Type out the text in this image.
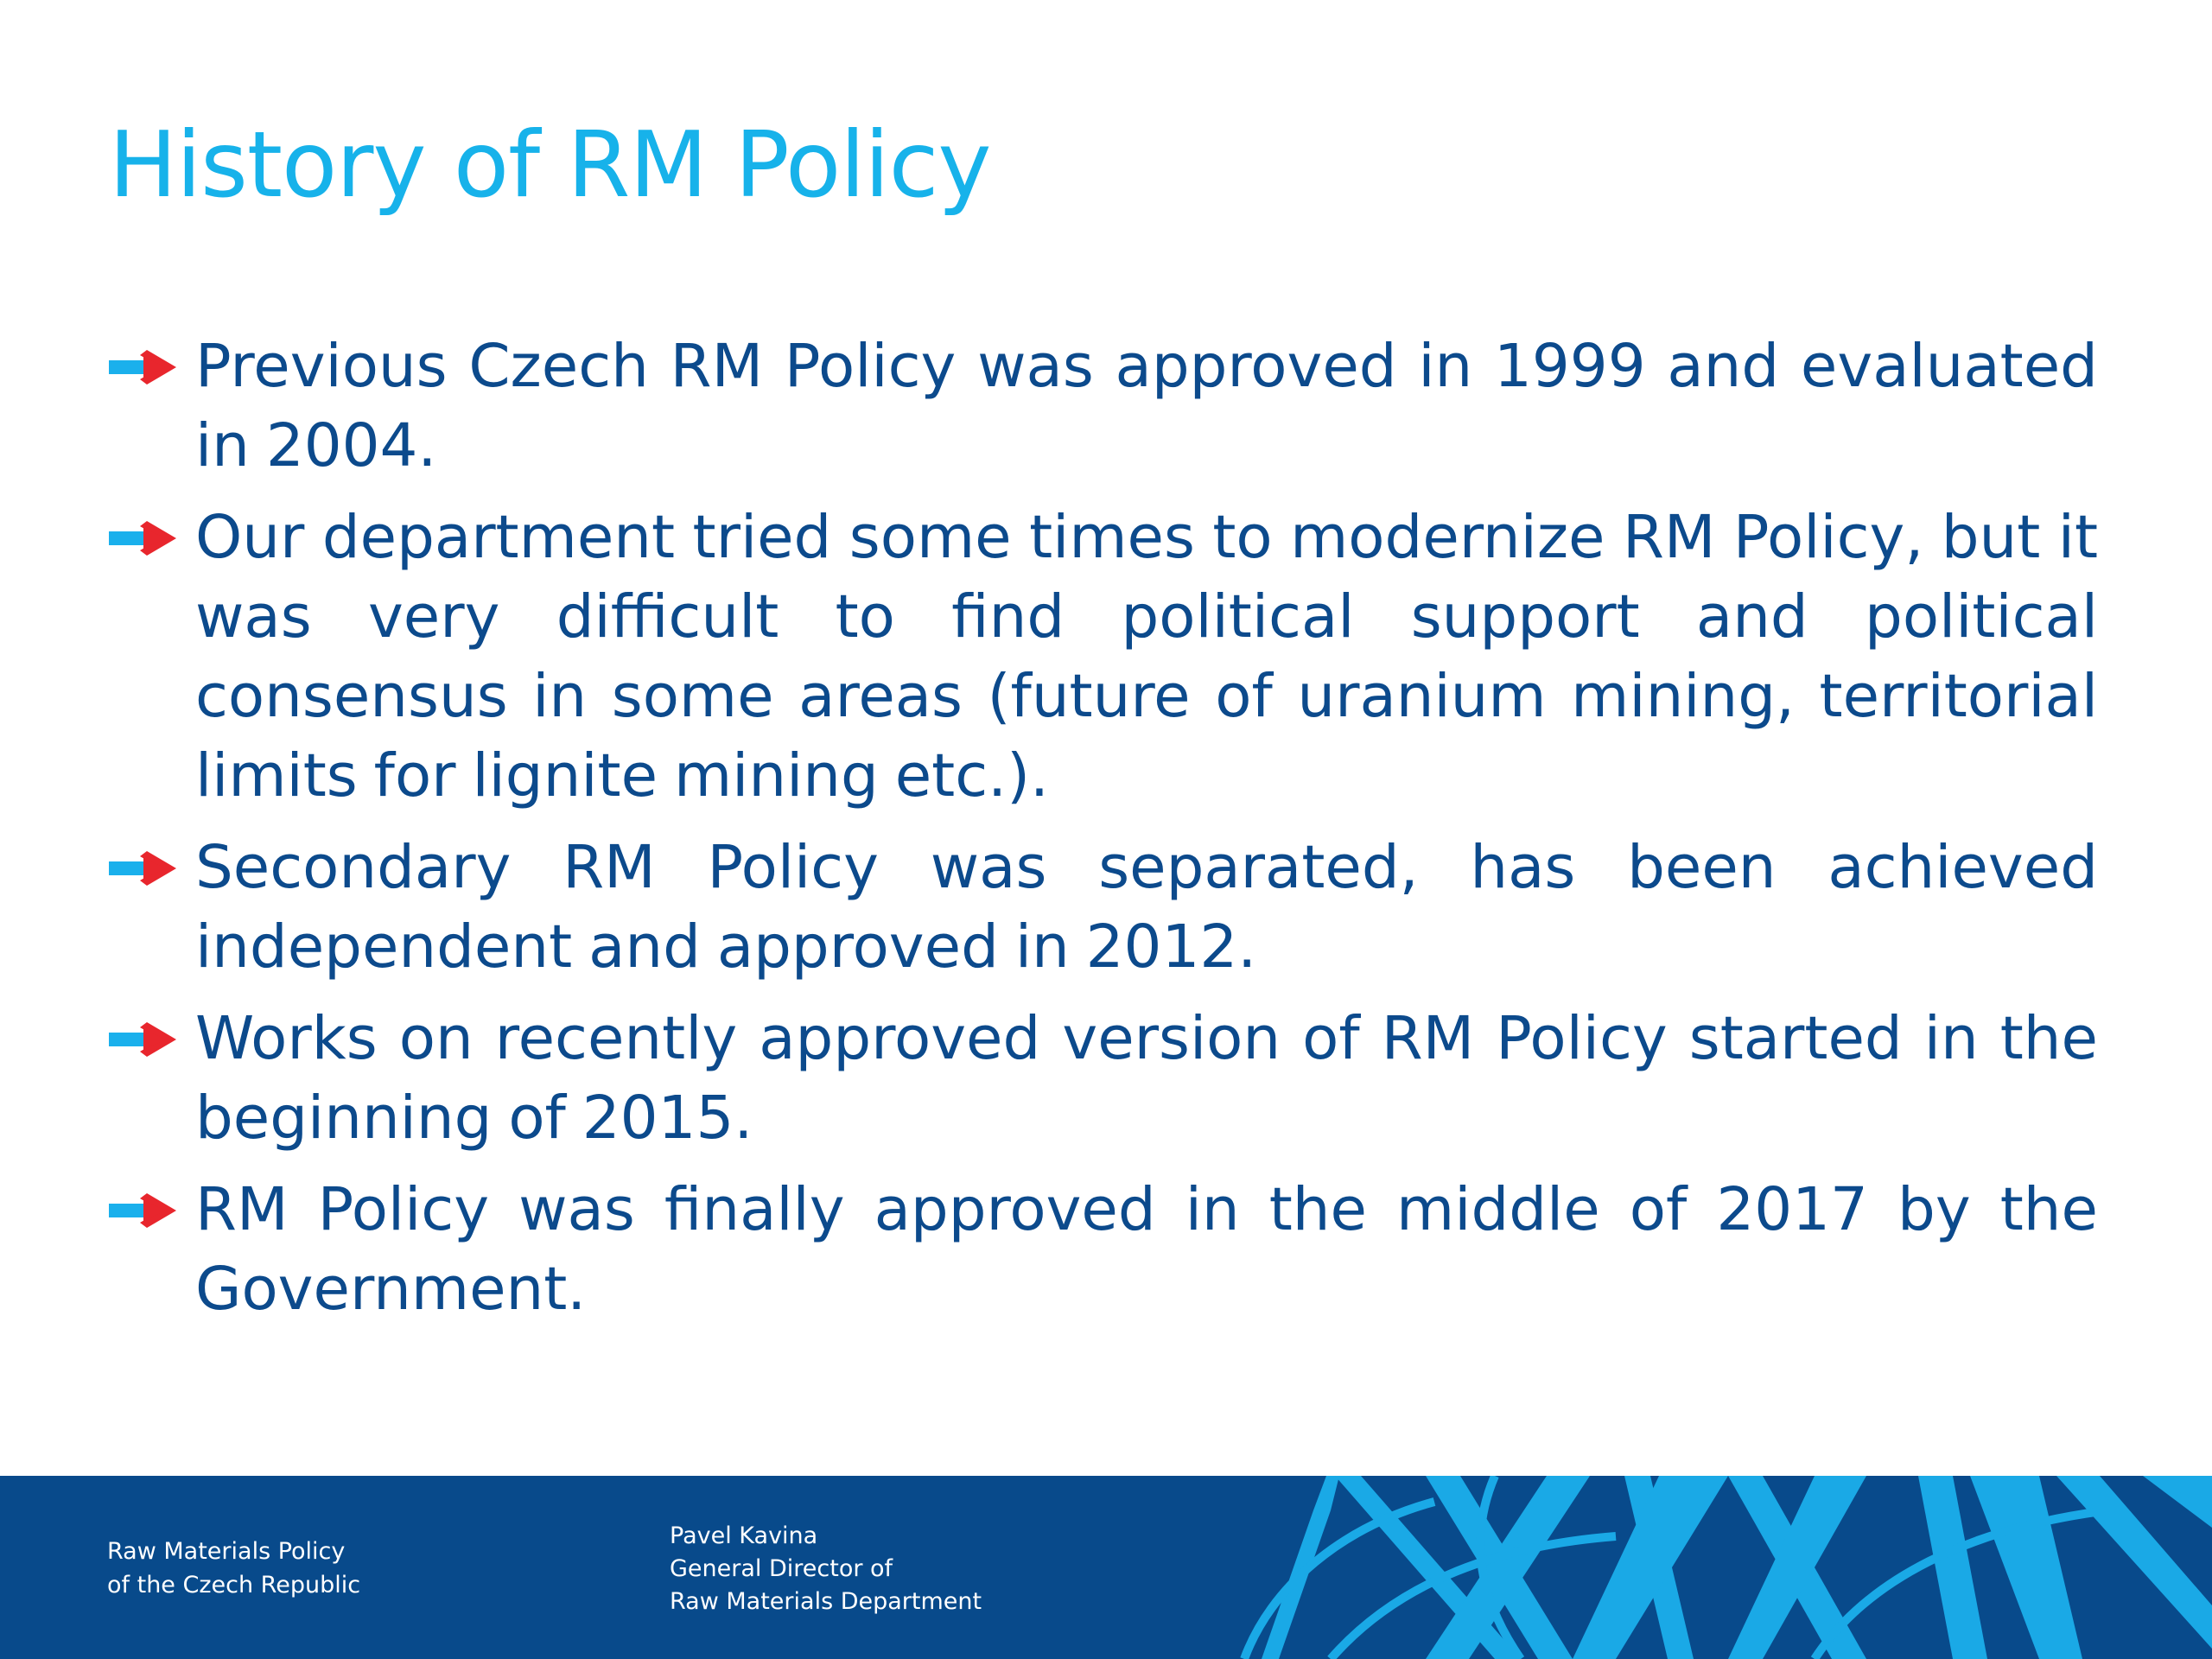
History of RM Policy
Previous Czech RM Policy was approved in 1999 and evaluated in 2004.
Our department tried some times to modernize RM Policy, but it was very difficult to find political support and political consensus in some areas (future of uranium mining, territorial limits for lignite mining etc.).
Secondary RM Policy was separated, has been achieved independent and approved in 2012.
Works on recently approved version of RM Policy started in the beginning of 2015.
RM Policy was finally approved in the middle of 2017 by the Government.
Raw Materials Policy
of the Czech Republic
Pavel Kavina
General Director of
Raw Materials Department
